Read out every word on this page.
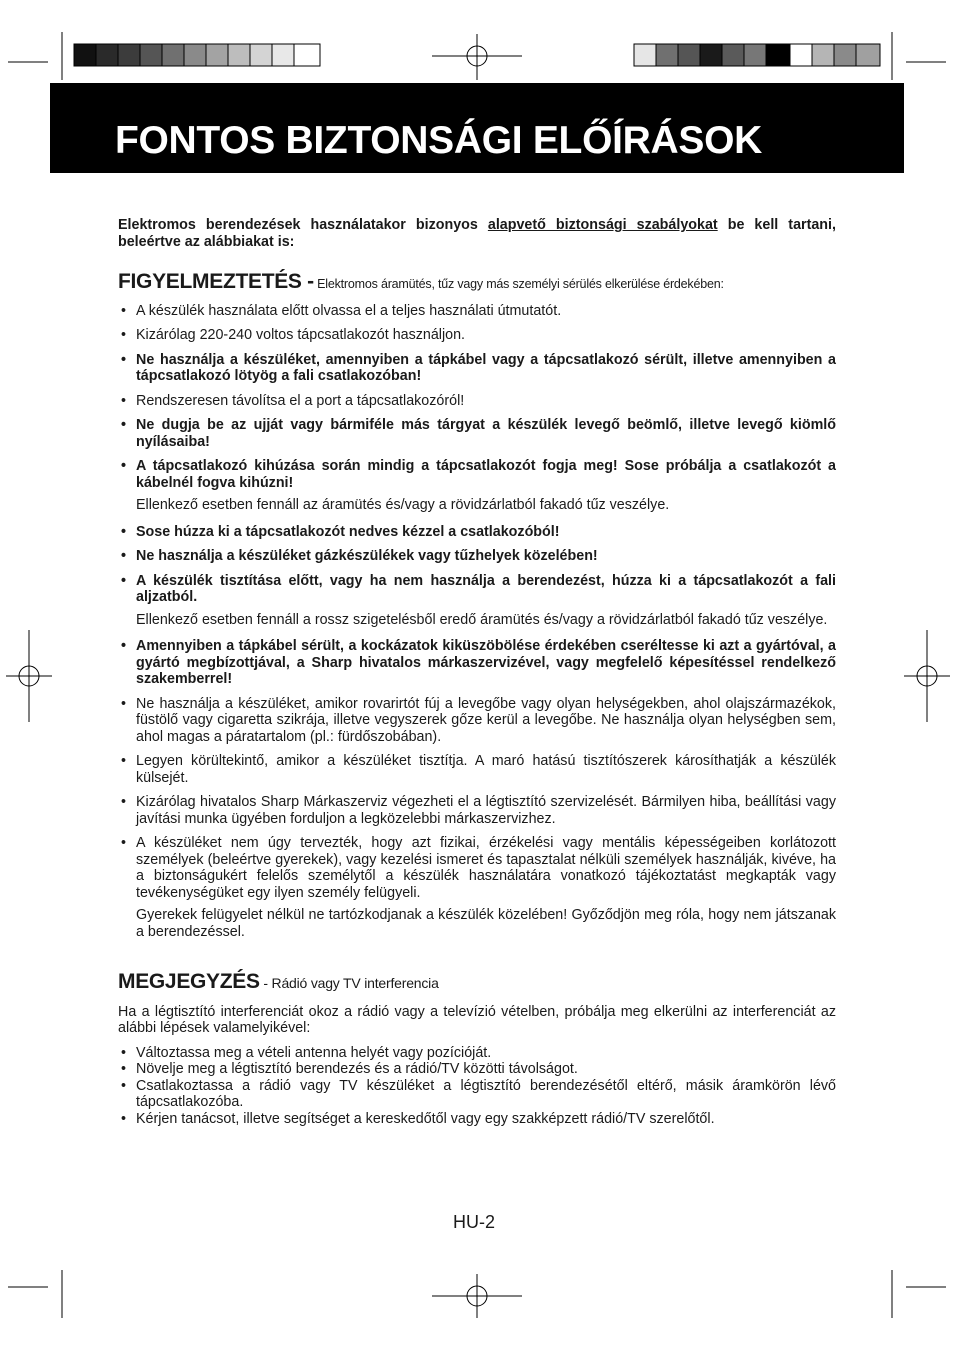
FONTOS BIZTONSÁGI ELŐÍRÁSOK

Elektromos berendezések használatakor bizonyos alapvető biztonsági szabályokat be kell tartani, beleértve az alábbiakat is:

FIGYELMEZTETÉS - Elektromos áramütés, tűz vagy más személyi sérülés elkerülése érdekében:
• A készülék használata előtt olvassa el a teljes használati útmutatót.
• Kizárólag 220-240 voltos tápcsatlakozót használjon.
• Ne használja a készüléket, amennyiben a tápkábel vagy a tápcsatlakozó sérült, illetve amennyiben a tápcsatlakozó lötyög a fali csatlakozóban!
• Rendszeresen távolítsa el a port a tápcsatlakozóról!
• Ne dugja be az ujját vagy bármiféle más tárgyat a készülék levegő beömlő, illetve levegő kiömlő nyílásaiba!
• A tápcsatlakozó kihúzása során mindig a tápcsatlakozót fogja meg! Sose próbálja a csatlakozót a kábelnél fogva kihúzni!
Ellenkező esetben fennáll az áramütés és/vagy a rövidzárlatból fakadó tűz veszélye.
• Sose húzza ki a tápcsatlakozót nedves kézzel a csatlakozóból!
• Ne használja a készüléket gázkészülékek vagy tűzhelyek közelében!
• A készülék tisztítása előtt, vagy ha nem használja a berendezést, húzza ki a tápcsatlakozót a fali aljzatból.
Ellenkező esetben fennáll a rossz szigetelésből eredő áramütés és/vagy a rövidzárlatból fakadó tűz veszélye.
• Amennyiben a tápkábel sérült, a kockázatok kiküszöbölése érdekében cseréltesse ki azt a gyártóval, a gyártó megbízottjával, a Sharp hivatalos márkaszervizével, vagy megfelelő képesítéssel rendelkező szakemberrel!
• Ne használja a készüléket, amikor rovarirtót fúj a levegőbe vagy olyan helységekben, ahol olajszármazékok, füstölő vagy cigaretta szikrája, illetve vegyszerek gőze kerül a levegőbe. Ne használja olyan helységben sem, ahol magas a páratartalom (pl.: fürdőszobában).
• Legyen körültekintő, amikor a készüléket tisztítja. A maró hatású tisztítószerek károsíthatják a készülék külsejét.
• Kizárólag hivatalos Sharp Márkaszerviz végezheti el a légtisztító szervizelését. Bármilyen hiba, beállítási vagy javítási munka ügyében forduljon a legközelebbi márkaszervizhez.
• A készüléket nem úgy tervezték, hogy azt fizikai, érzékelési vagy mentális képességeiben korlátozott személyek (beleértve gyerekek), vagy kezelési ismeret és tapasztalat nélküli személyek használják, kivéve, ha a biztonságukért felelős személytől a készülék használatára vonatkozó tájékoztatást megkapták vagy tevékenységüket egy ilyen személy felügyeli.
Gyerekek felügyelet nélkül ne tartózkodjanak a készülék közelében! Győződjön meg róla, hogy nem játszanak a berendezéssel.
MEGJEGYZÉS - Rádió vagy TV interferencia
Ha a légtisztító interferenciát okoz a rádió vagy a televízió vételben, próbálja meg elkerülni az interferenciát az alábbi lépések valamelyikével:
• Változtassa meg a vételi antenna helyét vagy pozícióját.
• Növelje meg a légtisztító berendezés és a rádió/TV közötti távolságot.
• Csatlakoztassa a rádió vagy TV készüléket a légtisztító berendezésétől eltérő, másik áramkörön lévő tápcsatlakozóba.
• Kérjen tanácsot, illetve segítséget a kereskedőtől vagy egy szakképzett rádió/TV szerelőtől.
HU-2
